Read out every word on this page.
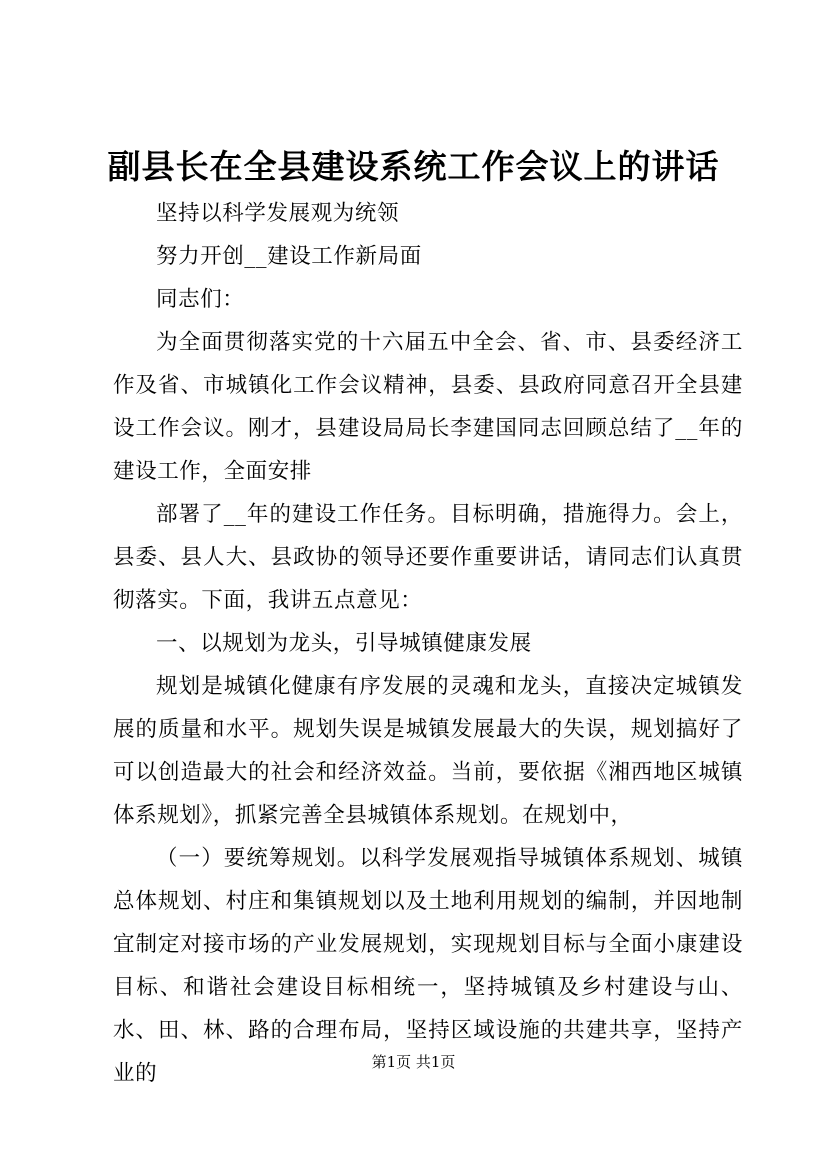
副县长在全县建设系统工作会议上的讲话

坚持以科学发展观为统领

努力开创__建设工作新局面

同志们：

为全面贯彻落实党的十六届五中全会、省、市、县委经济工作及省、市城镇化工作会议精神，县委、县政府同意召开全县建设工作会议。刚才，县建设局局长李建国同志回顾总结了__年的建设工作，全面安排

部署了__年的建设工作任务。目标明确，措施得力。会上，县委、县人大、县政协的领导还要作重要讲话，请同志们认真贯彻落实。下面，我讲五点意见：

一、以规划为龙头，引导城镇健康发展

规划是城镇化健康有序发展的灵魂和龙头，直接决定城镇发展的质量和水平。规划失误是城镇发展最大的失误，规划搞好了可以创造最大的社会和经济效益。当前，要依据《湘西地区城镇体系规划》，抓紧完善全县城镇体系规划。在规划中，

（一）要统筹规划。以科学发展观指导城镇体系规划、城镇总体规划、村庄和集镇规划以及土地利用规划的编制，并因地制宜制定对接市场的产业发展规划，实现规划目标与全面小康建设目标、和谐社会建设目标相统一，坚持城镇及乡村建设与山、水、田、林、路的合理布局，坚持区域设施的共建共享，坚持产业的	第1页 共1页
